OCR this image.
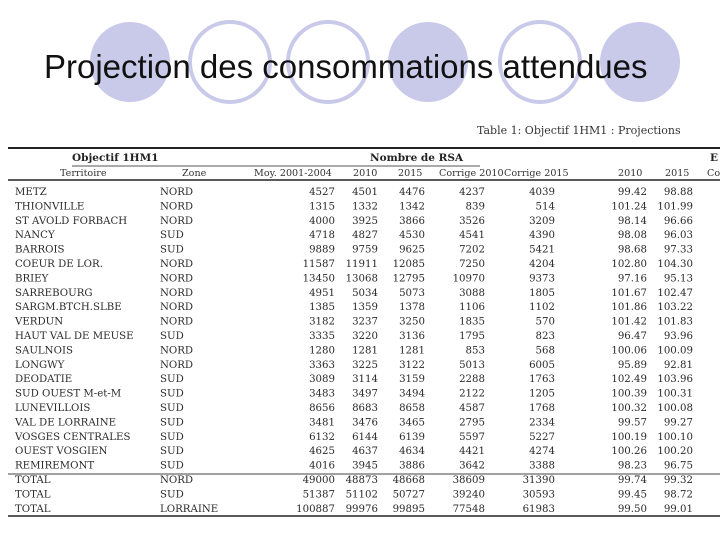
Projection des consommations attendues
Table 1: Objectif 1HM1 : Projections
Objectif 1HM1	Nombre de RSA	E
Territoire	Zone	Moy. 2001-2004 2010 2015 Corrige 2010 Corrige 2015	2010 2015 Co
METZ	NORD	4527 4501 4476	4237	4039	99.42 98.88
THIONVILLE	NORD	1315 1332 1342	839	514	101.24 101.99
ST AVOLD FORBACH	NORD	4000 3925 3866	3526	3209	98.14 96.66
NANCY	SUD	4718 4827 4530	4541	4390	98.08 96.03
BARROIS	SUD	9889 9759 9625	7202	5421	98.68 97.33
COEUR DE LOR.	NORD	11587 11911 12085	7250	4204	102.80 104.30
BRIEY	NORD	13450 13068 12795	10970	9373	97.16 95.13
SARREBOURG	NORD	4951 5034 5073	3088	1805	101.67 102.47
SARGM.BTCH.SLBE	NORD	1385 1359 1378	1106	1102	101.86 103.22
VERDUN	NORD	3182 3237 3250	1835	570	101.42 101.83
HAUT VAL DE MEUSE	SUD	3335 3220 3136	1795	823	96.47 93.96
SAULNOIS	NORD	1280 1281 1281	853	568	100.06 100.09
LONGWY	NORD	3363 3225 3122	5013	6005	95.89 92.81
DEODATIE	SUD	3089 3114 3159	2288	1763	102.49 103.96
SUD OUEST M-et-M	SUD	3483 3497 3494	2122	1205	100.39 100.31
LUNEVILLOIS	SUD	8656 8683 8658	4587	1768	100.32 100.08
VAL DE LORRAINE	SUD	3481 3476 3465	2795	2334	99.57 99.27
VOSGES CENTRALES	SUD	6132 6144 6139	5597	5227	100.19 100.10
OUEST VOSGIEN	SUD	4625 4637 4634	4421	4274	100.26 100.20
REMIREMONT	SUD	4016 3945 3886	3642	3388	98.23 96.75
TOTAL	NORD	49000 48873 48668	38609	31390	99.74 99.32
TOTAL	SUD	51387 51102 50727	39240	30593	99.45 98.72
TOTAL	LORRAINE	100887 99976 99895	77548	61983	99.50 99.01
